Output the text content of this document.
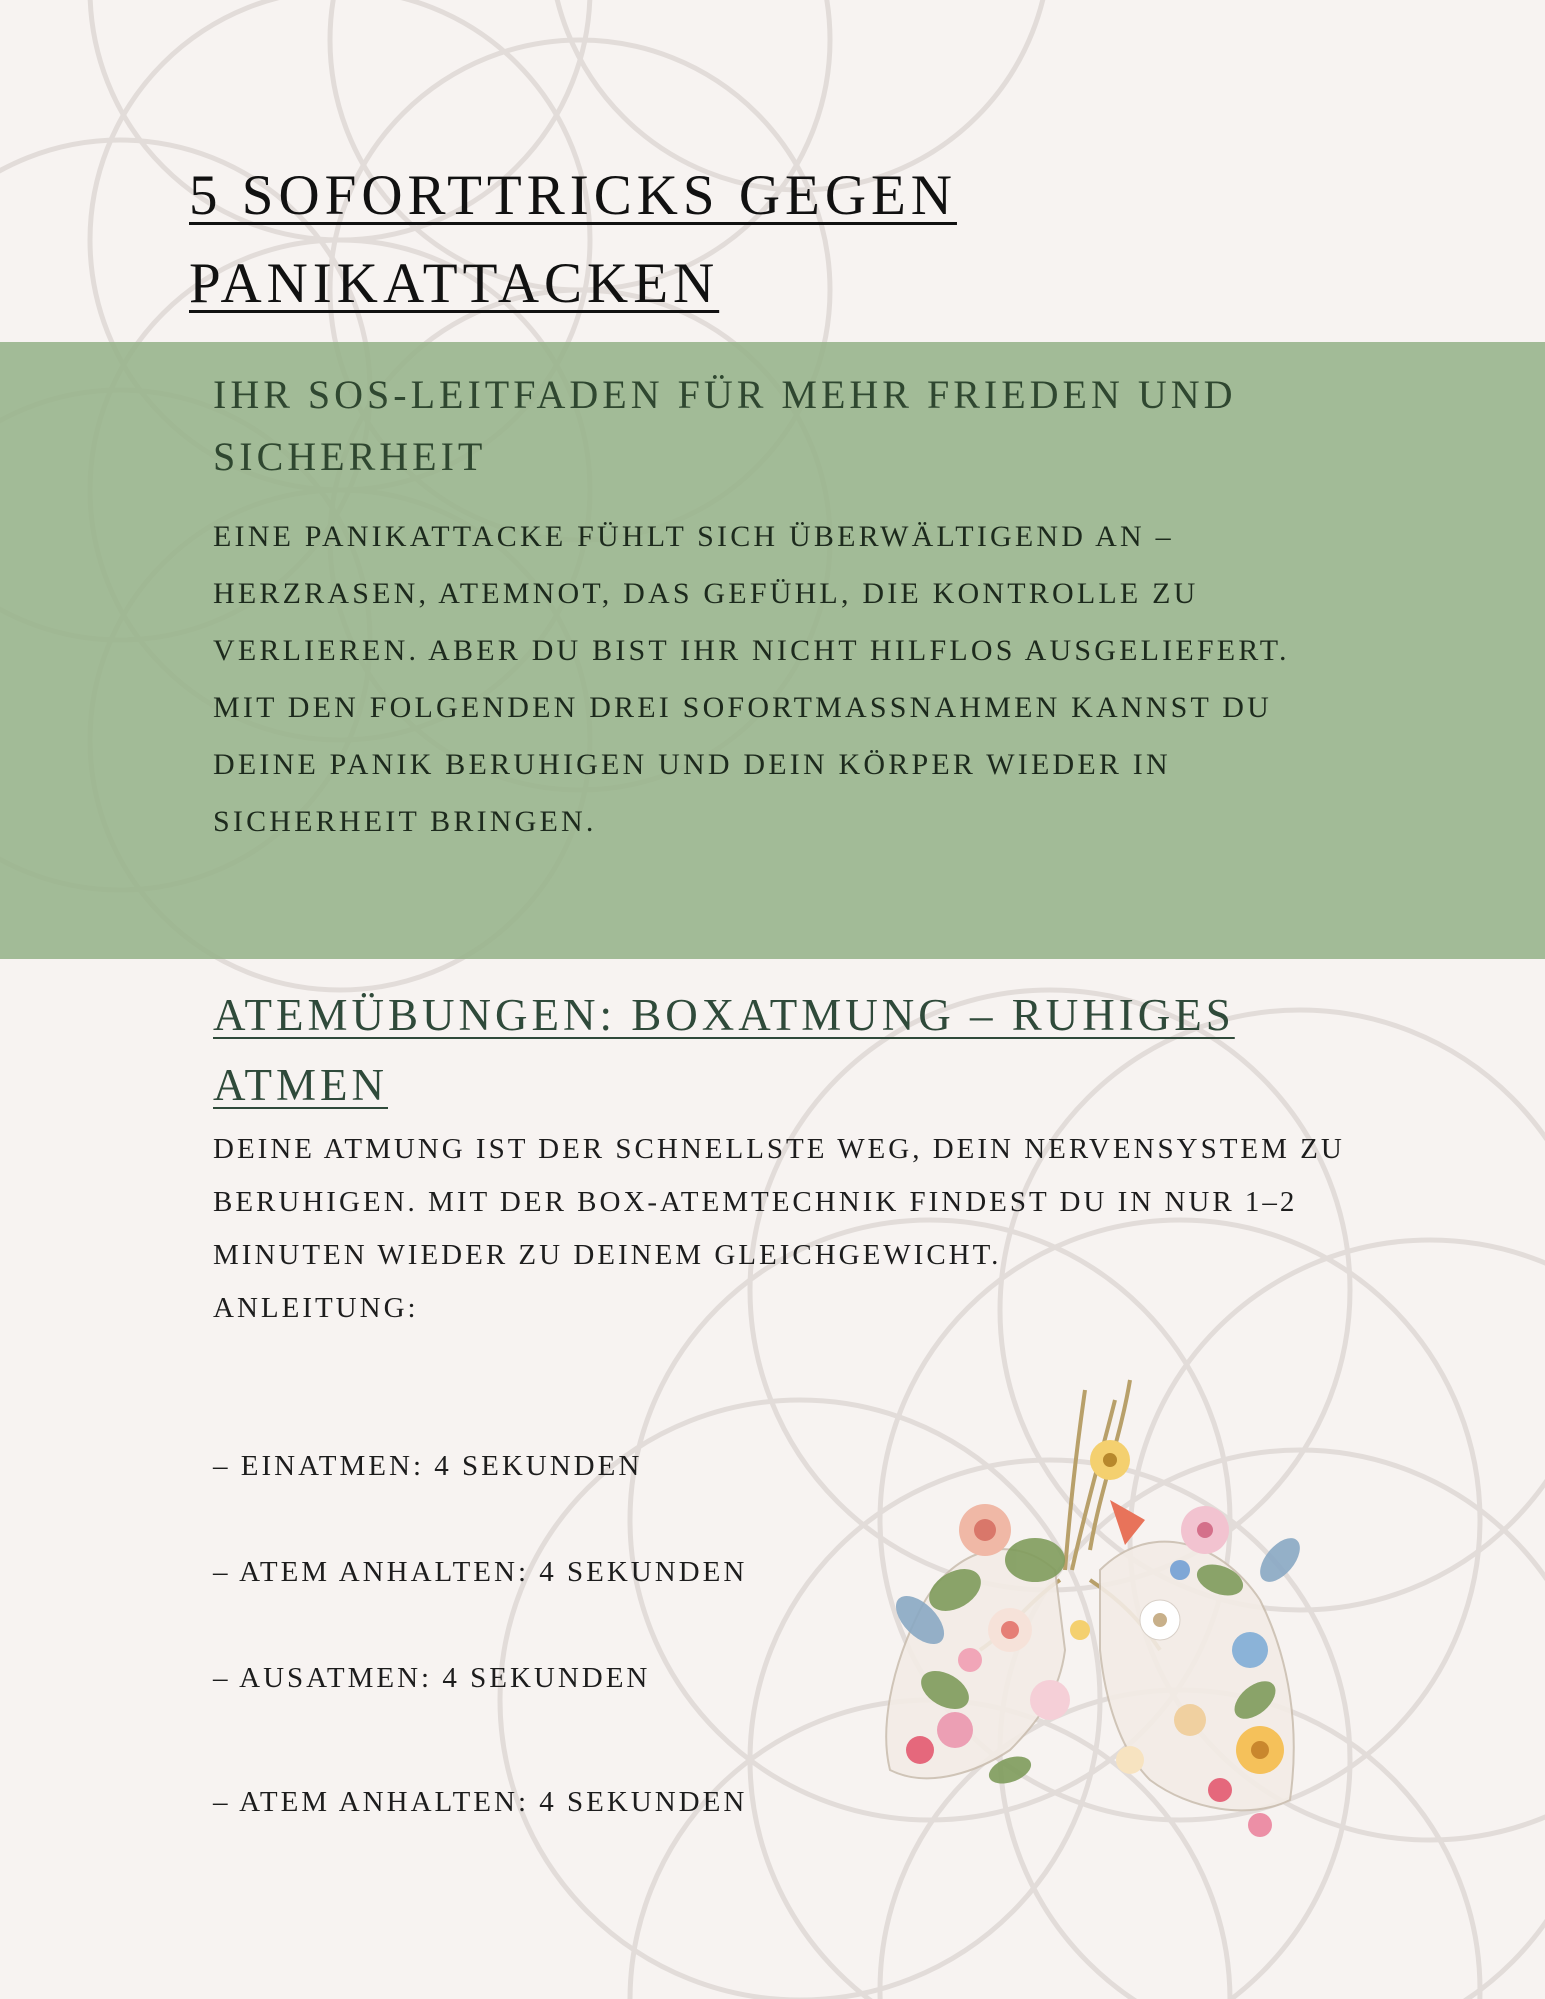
5 SOFORTTRICKS GEGEN PANIKATTACKEN
IHR SOS-LEITFADEN FÜR MEHR FRIEDEN UND SICHERHEIT

EINE PANIKATTACKE FÜHLT SICH ÜBERWÄLTIGEND AN – HERZRASEN, ATEMNOT, DAS GEFÜHL, DIE KONTROLLE ZU VERLIEREN. ABER DU BIST IHR NICHT HILFLOS AUSGELIEFERT. MIT DEN FOLGENDEN DREI SOFORTMASSNAHMEN KANNST DU DEINE PANIK BERUHIGEN UND DEIN KÖRPER WIEDER IN SICHERHEIT BRINGEN.

ATEMÜBUNGEN: BOXATMUNG – RUHIGES ATMEN

DEINE ATMUNG IST DER SCHNELLSTE WEG, DEIN NERVENSYSTEM ZU BERUHIGEN. MIT DER BOX-ATEMTECHNIK FINDEST DU IN NUR 1–2 MINUTEN WIEDER ZU DEINEM GLEICHGEWICHT.
ANLEITUNG:

– EINATMEN: 4 SEKUNDEN

– ATEM ANHALTEN: 4 SEKUNDEN

– AUSATMEN: 4 SEKUNDEN

– ATEM ANHALTEN: 4 SEKUNDEN
